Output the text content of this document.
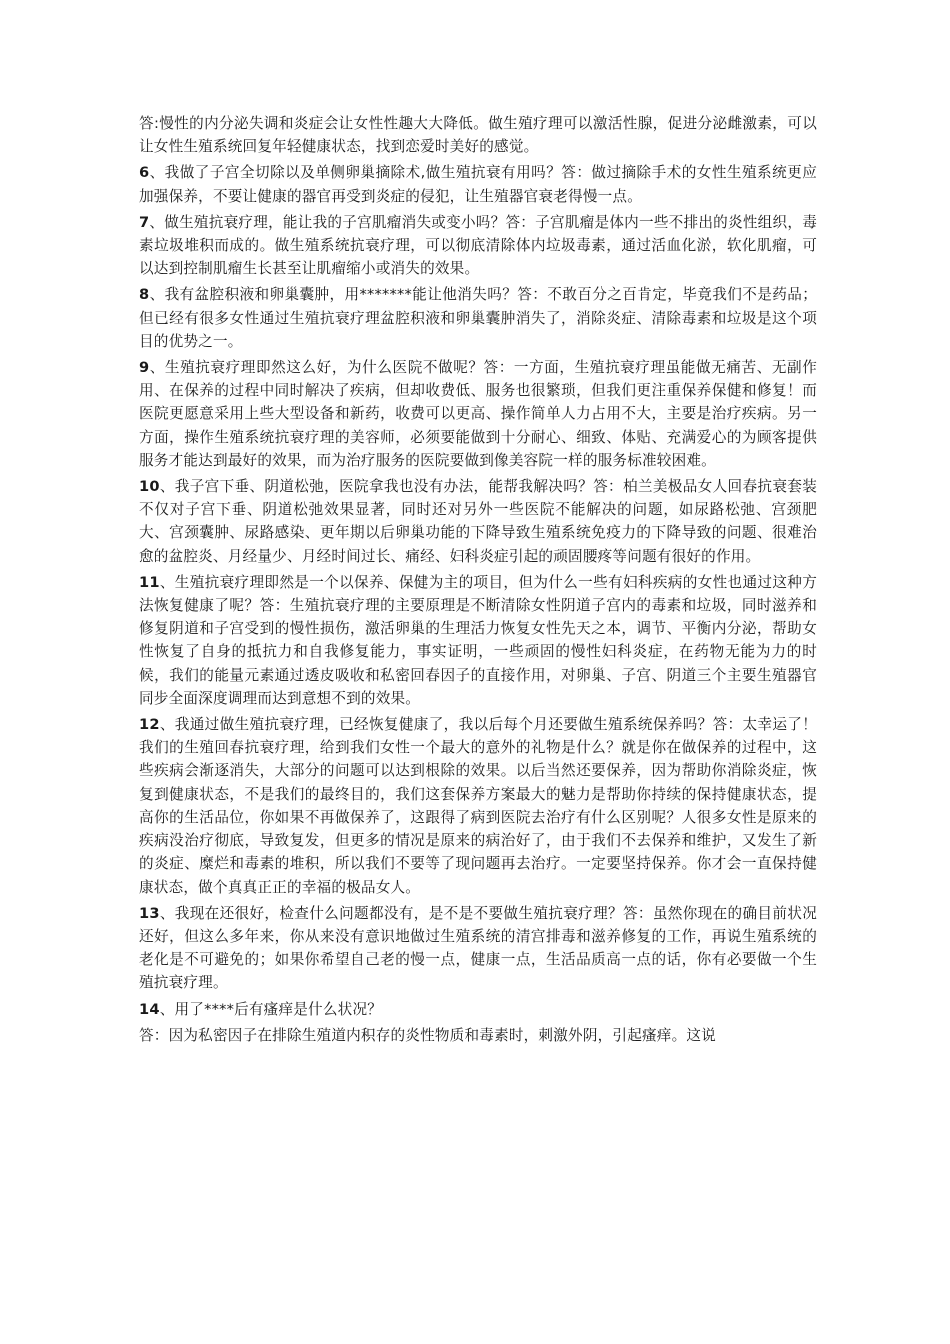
答:慢性的内分泌失调和炎症会让女性性趣大大降低。做生殖疗理可以激活性腺，促进分泌雌激素，可以让女性生殖系统回复年轻健康状态，找到恋爱时美好的感觉。

6、我做了子宫全切除以及单侧卵巢摘除术,做生殖抗衰有用吗？答：做过摘除手术的女性生殖系统更应加强保养，不要让健康的器官再受到炎症的侵犯，让生殖器官衰老得慢一点。

7、做生殖抗衰疗理，能让我的子宫肌瘤消失或变小吗？答：子宫肌瘤是体内一些不排出的炎性组织，毒素垃圾堆积而成的。做生殖系统抗衰疗理，可以彻底清除体内垃圾毒素，通过活血化淤，软化肌瘤，可以达到控制肌瘤生长甚至让肌瘤缩小或消失的效果。

8、我有盆腔积液和卵巢囊肿，用*******能让他消失吗？答：不敢百分之百肯定，毕竟我们不是药品；但已经有很多女性通过生殖抗衰疗理盆腔积液和卵巢囊肿消失了，消除炎症、清除毒素和垃圾是这个项目的优势之一。

9、生殖抗衰疗理即然这么好，为什么医院不做呢？答：一方面，生殖抗衰疗理虽能做无痛苦、无副作用、在保养的过程中同时解决了疾病，但却收费低、服务也很繁琐，但我们更注重保养保健和修复！而医院更愿意采用上些大型设备和新药，收费可以更高、操作简单人力占用不大，主要是治疗疾病。另一方面，操作生殖系统抗衰疗理的美容师，必须要能做到十分耐心、细致、体贴、充满爱心的为顾客提供服务才能达到最好的效果，而为治疗服务的医院要做到像美容院一样的服务标准较困难。

10、我子宫下垂、阴道松弛，医院拿我也没有办法，能帮我解决吗？答：柏兰美极品女人回春抗衰套装不仅对子宫下垂、阴道松弛效果显著，同时还对另外一些医院不能解决的问题，如尿路松弛、宫颈肥大、宫颈囊肿、尿路感染、更年期以后卵巢功能的下降导致生殖系统免疫力的下降导致的问题、很难治愈的盆腔炎、月经量少、月经时间过长、痛经、妇科炎症引起的顽固腰疼等问题有很好的作用。

11、生殖抗衰疗理即然是一个以保养、保健为主的项目，但为什么一些有妇科疾病的女性也通过这种方法恢复健康了呢？答：生殖抗衰疗理的主要原理是不断清除女性阴道子宫内的毒素和垃圾，同时滋养和修复阴道和子宫受到的慢性损伤，激活卵巢的生理活力恢复女性先天之本，调节、平衡内分泌，帮助女性恢复了自身的抵抗力和自我修复能力，事实证明，一些顽固的慢性妇科炎症，在药物无能为力的时候，我们的能量元素通过透皮吸收和私密回春因子的直接作用，对卵巢、子宫、阴道三个主要生殖器官同步全面深度调理而达到意想不到的效果。

12、我通过做生殖抗衰疗理，已经恢复健康了，我以后每个月还要做生殖系统保养吗？答：太幸运了！我们的生殖回春抗衰疗理，给到我们女性一个最大的意外的礼物是什么？就是你在做保养的过程中，这些疾病会渐逐消失，大部分的问题可以达到根除的效果。以后当然还要保养，因为帮助你消除炎症，恢复到健康状态，不是我们的最终目的，我们这套保养方案最大的魅力是帮助你持续的保持健康状态，提高你的生活品位，你如果不再做保养了，这跟得了病到医院去治疗有什么区别呢？人很多女性是原来的疾病没治疗彻底，导致复发，但更多的情况是原来的病治好了，由于我们不去保养和维护，又发生了新的炎症、糜烂和毒素的堆积，所以我们不要等了现问题再去治疗。一定要坚持保养。你才会一直保持健康状态，做个真真正正的幸福的极品女人。

13、我现在还很好，检查什么问题都没有，是不是不要做生殖抗衰疗理？答：虽然你现在的确目前状况还好，但这么多年来，你从来没有意识地做过生殖系统的清宫排毒和滋养修复的工作，再说生殖系统的老化是不可避免的；如果你希望自己老的慢一点，健康一点，生活品质高一点的话，你有必要做一个生殖抗衰疗理。

14、用了****后有瘙痒是什么状况？

答：因为私密因子在排除生殖道内积存的炎性物质和毒素时，刺激外阴，引起瘙痒。这说
